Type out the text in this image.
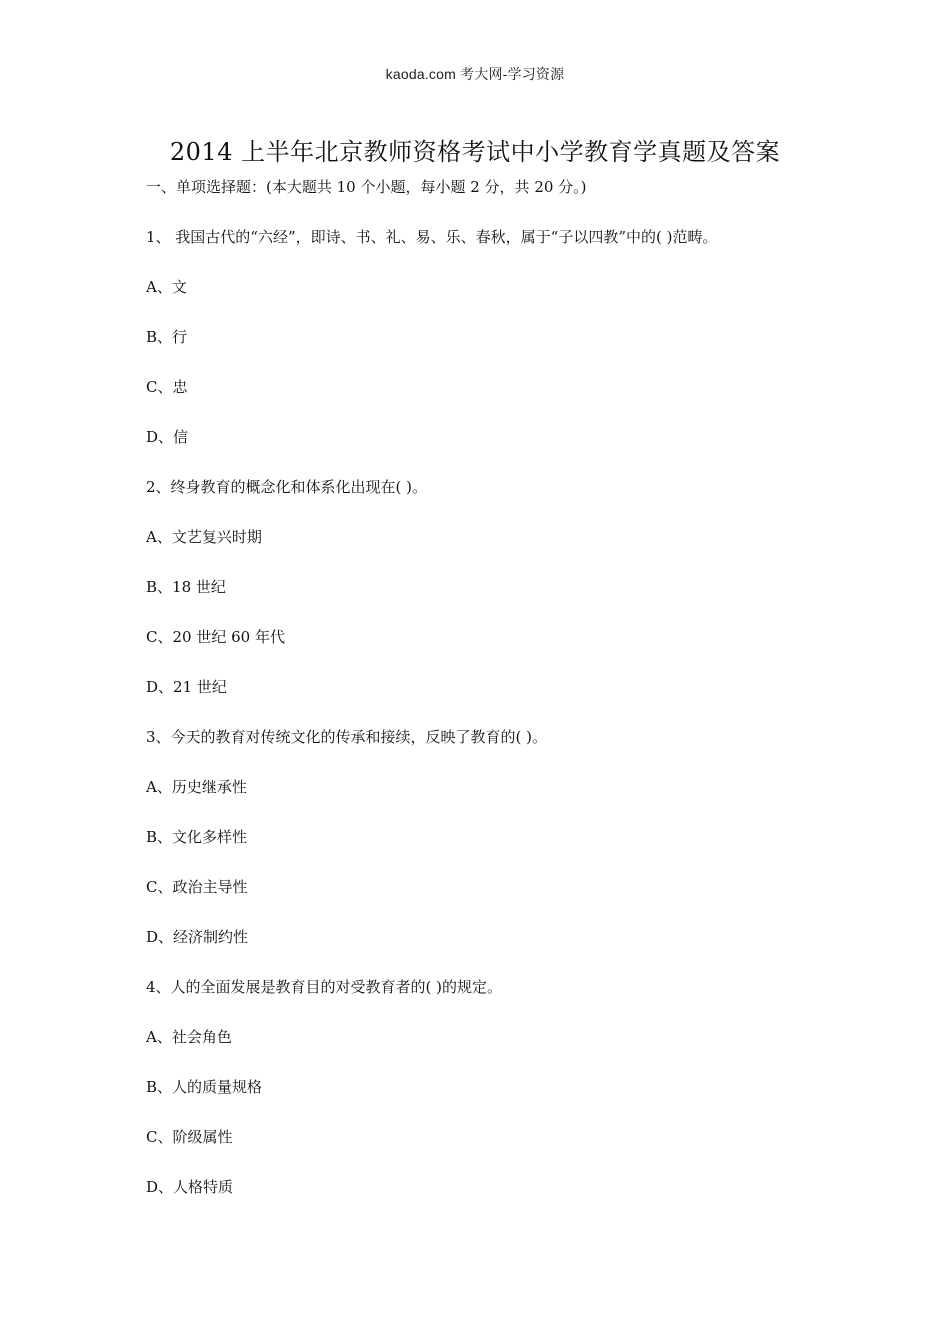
kaoda.com 考大网-学习资源
2014 上半年北京教师资格考试中小学教育学真题及答案
一、单项选择题：(本大题共 10 个小题，每小题 2 分，共 20 分。)
1、 我国古代的“六经”，即诗、书、礼、易、乐、春秋，属于“子以四教”中的( )范畴。
A、文
B、行
C、忠
D、信
2、终身教育的概念化和体系化出现在( )。
A、文艺复兴时期
B、18 世纪
C、20 世纪 60 年代
D、21 世纪
3、今天的教育对传统文化的传承和接续，反映了教育的( )。
A、历史继承性
B、文化多样性
C、政治主导性
D、经济制约性
4、人的全面发展是教育目的对受教育者的( )的规定。
A、社会角色
B、人的质量规格
C、阶级属性
D、人格特质
